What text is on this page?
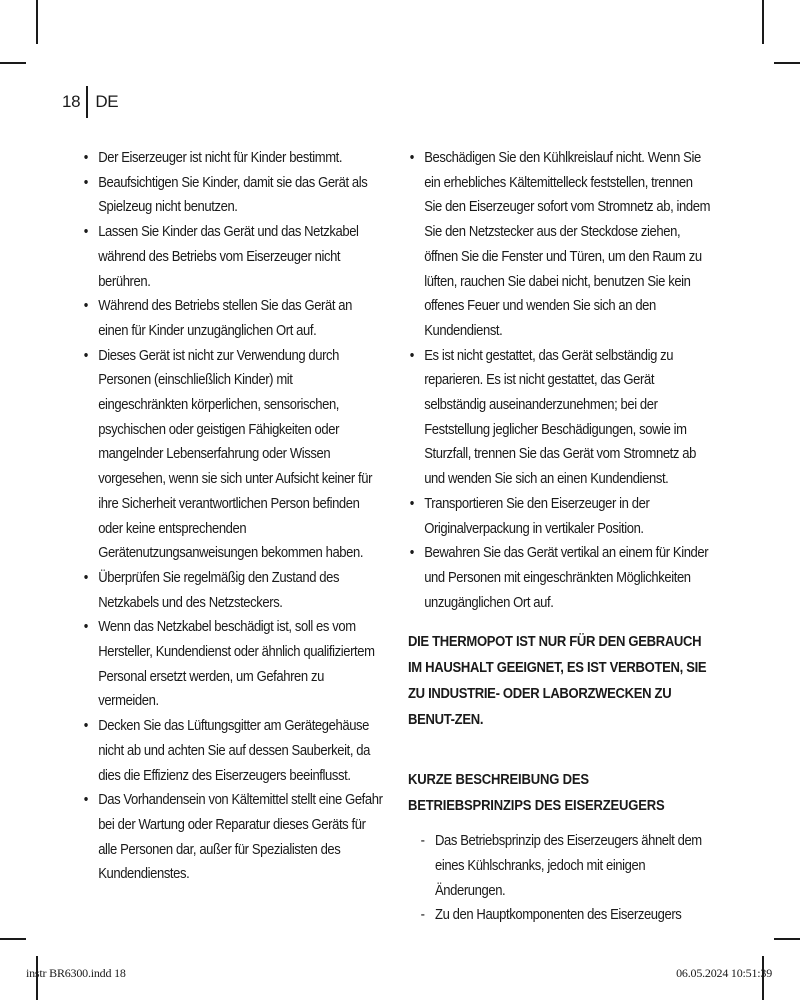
18 DE
• Der Eiserzeuger ist nicht für Kinder bestimmt.
• Beaufsichtigen Sie Kinder, damit sie das Gerät als Spielzeug nicht benutzen.
• Lassen Sie Kinder das Gerät und das Netzkabel während des Betriebs vom Eiserzeuger nicht berühren.
• Während des Betriebs stellen Sie das Gerät an einen für Kinder unzugänglichen Ort auf.
• Dieses Gerät ist nicht zur Verwendung durch Personen (einschließlich Kinder) mit eingeschränkten körperlichen, sensorischen, psychischen oder geistigen Fähigkeiten oder mangelnder Lebenserfahrung oder Wissen vorgesehen, wenn sie sich unter Aufsicht keiner für ihre Sicherheit verantwortlichen Person befinden oder keine entsprechenden Gerätenutzungsanweisungen bekommen haben.
• Überprüfen Sie regelmäßig den Zustand des Netzkabels und des Netzsteckers.
• Wenn das Netzkabel beschädigt ist, soll es vom Hersteller, Kundendienst oder ähnlich qualifiziertem Personal ersetzt werden, um Gefahren zu vermeiden.
• Decken Sie das Lüftungsgitter am Gerätegehäuse nicht ab und achten Sie auf dessen Sauberkeit, da dies die Effizienz des Eiserzeugers beeinflusst.
• Das Vorhandensein von Kältemittel stellt eine Gefahr bei der Wartung oder Reparatur dieses Geräts für alle Personen dar, außer für Spezialisten des Kundendienstes.
• Beschädigen Sie den Kühlkreislauf nicht. Wenn Sie ein erhebliches Kältemittelleck feststellen, trennen Sie den Eiserzeuger sofort vom Stromnetz ab, indem Sie den Netzstecker aus der Steckdose ziehen, öffnen Sie die Fenster und Türen, um den Raum zu lüften, rauchen Sie dabei nicht, benutzen Sie kein offenes Feuer und wenden Sie sich an den Kundendienst.
• Es ist nicht gestattet, das Gerät selbständig zu reparieren. Es ist nicht gestattet, das Gerät selbständig auseinanderzunehmen; bei der Feststellung jeglicher Beschädigungen, sowie im Sturzfall, trennen Sie das Gerät vom Stromnetz ab und wenden Sie sich an einen Kundendienst.
• Transportieren Sie den Eiserzeuger in der Originalverpackung in vertikaler Position.
• Bewahren Sie das Gerät vertikal an einem für Kinder und Personen mit eingeschränkten Möglichkeiten unzugänglichen Ort auf.

DIE THERMOPOT IST NUR FÜR DEN GEBRAUCH IM HAUSHALT GEEIGNET, ES IST VERBOTEN, SIE ZU INDUSTRIE- ODER LABORZWECKEN ZU BENUT-ZEN.

KURZE BESCHREIBUNG DES BETRIEBSPRINZIPS DES EISERZEUGERS

- Das Betriebsprinzip des Eiserzeugers ähnelt dem eines Kühlschranks, jedoch mit einigen Änderungen.
- Zu den Hauptkomponenten des Eiserzeugers
instr BR6300.indd 18	06.05.2024 10:51:39
